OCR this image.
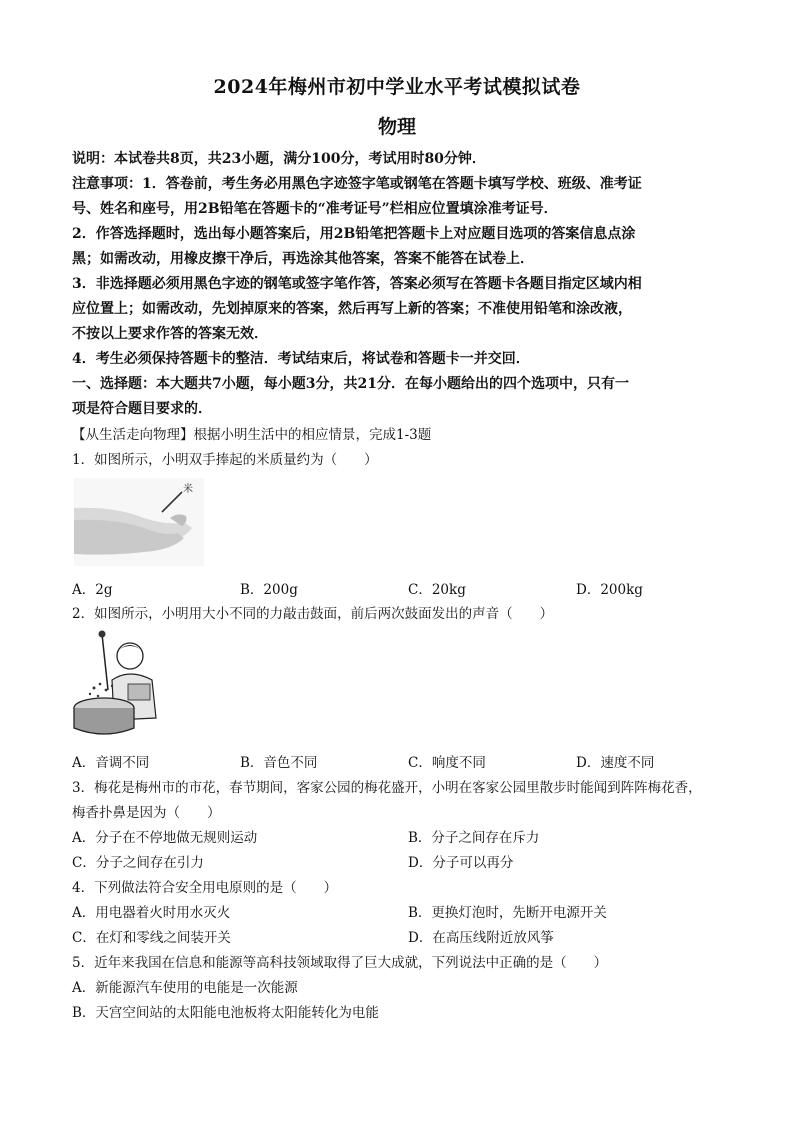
2024年梅州市初中学业水平考试模拟试卷
物理
说明：本试卷共8页，共23小题，满分100分，考试用时80分钟．
注意事项：1．答卷前，考生务必用黑色字迹签字笔或钢笔在答题卡填写学校、班级、准考证
号、姓名和座号，用2B铅笔在答题卡的“准考证号”栏相应位置填涂准考证号．
2．作答选择题时，选出每小题答案后，用2B铅笔把答题卡上对应题目选项的答案信息点涂
黑；如需改动，用橡皮擦干净后，再选涂其他答案，答案不能答在试卷上．
3．非选择题必须用黑色字迹的钢笔或签字笔作答，答案必须写在答题卡各题目指定区域内相
应位置上；如需改动，先划掉原来的答案，然后再写上新的答案；不准使用铅笔和涂改液，
不按以上要求作答的答案无效．
4．考生必须保持答题卡的整洁．考试结束后，将试卷和答题卡一并交回．
一、选择题：本大题共7小题，每小题3分，共21分．在每小题给出的四个选项中，只有一
项是符合题目要求的．
【从生活走向物理】根据小明生活中的相应情景，完成1-3题
1．如图所示，小明双手捧起的米质量约为（　　）
米
A．2g	B．200g	C．20kg	D．200kg
2．如图所示，小明用大小不同的力敲击鼓面，前后两次鼓面发出的声音（　　）
A．音调不同	B．音色不同	C．响度不同	D．速度不同
3．梅花是梅州市的市花，春节期间，客家公园的梅花盛开，小明在客家公园里散步时能闻到阵阵梅花香，
梅香扑鼻是因为（　　）
A．分子在不停地做无规则运动	B．分子之间存在斥力
C．分子之间存在引力	D．分子可以再分
4．下列做法符合安全用电原则的是（　　）
A．用电器着火时用水灭火	B．更换灯泡时，先断开电源开关
C．在灯和零线之间装开关	D．在高压线附近放风筝
5．近年来我国在信息和能源等高科技领域取得了巨大成就，下列说法中正确的是（　　）
A．新能源汽车使用的电能是一次能源
B．天宫空间站的太阳能电池板将太阳能转化为电能
